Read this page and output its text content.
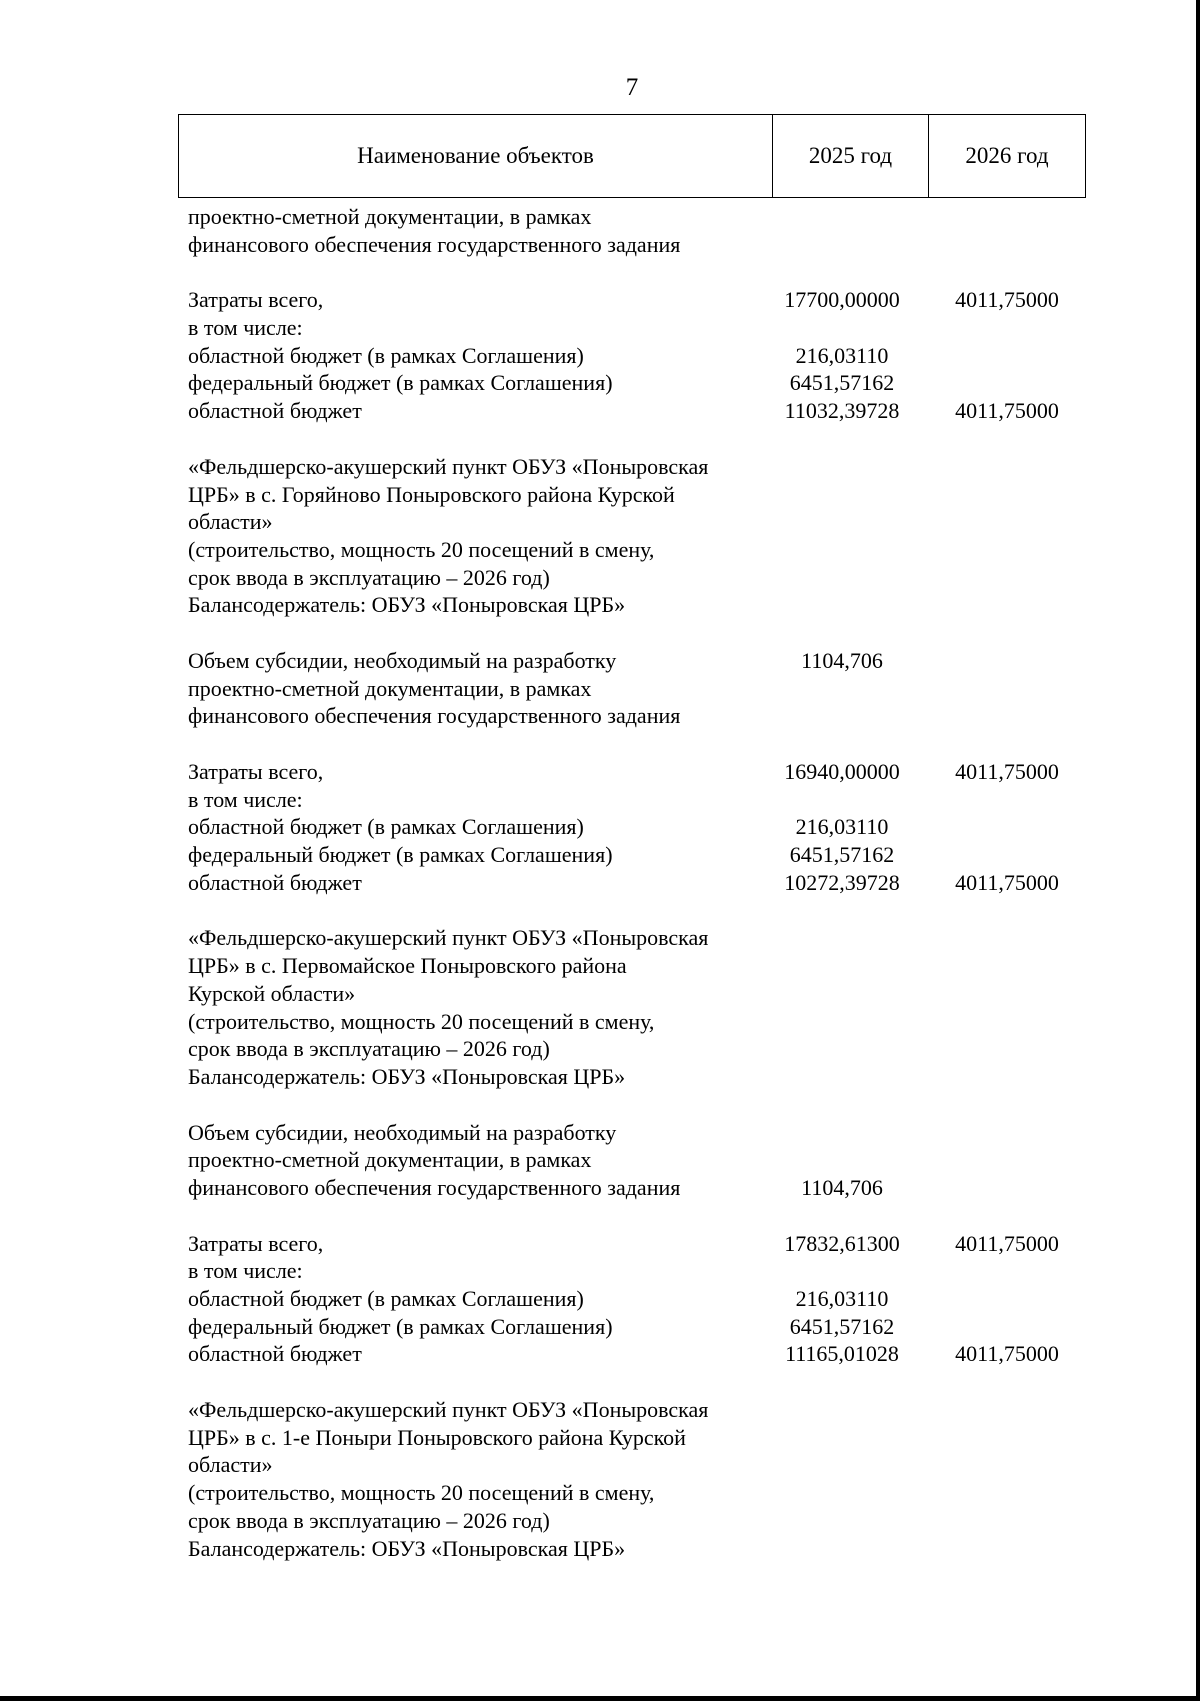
7
Наименование объектов	2025 год	2026 год
проектно-сметной документации, в рамках
финансового обеспечения государственного задания
Затраты всего,	17700,00000	4011,75000
в том числе:
областной бюджет (в рамках Соглашения)	216,03110
федеральный бюджет (в рамках Соглашения)	6451,57162
областной бюджет	11032,39728	4011,75000
«Фельдшерско-акушерский пункт ОБУЗ «Поныровская
ЦРБ» в с. Горяйново Поныровского района Курской
области»
(строительство, мощность 20 посещений в смену,
срок ввода в эксплуатацию – 2026 год)
Балансодержатель: ОБУЗ «Поныровская ЦРБ»
Объем субсидии, необходимый на разработку	1104,706
проектно-сметной документации, в рамках
финансового обеспечения государственного задания
Затраты всего,	16940,00000	4011,75000
в том числе:
областной бюджет (в рамках Соглашения)	216,03110
федеральный бюджет (в рамках Соглашения)	6451,57162
областной бюджет	10272,39728	4011,75000
«Фельдшерско-акушерский пункт ОБУЗ «Поныровская
ЦРБ» в с. Первомайское Поныровского района
Курской области»
(строительство, мощность 20 посещений в смену,
срок ввода в эксплуатацию – 2026 год)
Балансодержатель: ОБУЗ «Поныровская ЦРБ»
Объем субсидии, необходимый на разработку
проектно-сметной документации, в рамках
финансового обеспечения государственного задания	1104,706
Затраты всего,	17832,61300	4011,75000
в том числе:
областной бюджет (в рамках Соглашения)	216,03110
федеральный бюджет (в рамках Соглашения)	6451,57162
областной бюджет	11165,01028	4011,75000
«Фельдшерско-акушерский пункт ОБУЗ «Поныровская
ЦРБ» в с. 1-е Поныри Поныровского района Курской
области»
(строительство, мощность 20 посещений в смену,
срок ввода в эксплуатацию – 2026 год)
Балансодержатель: ОБУЗ «Поныровская ЦРБ»
